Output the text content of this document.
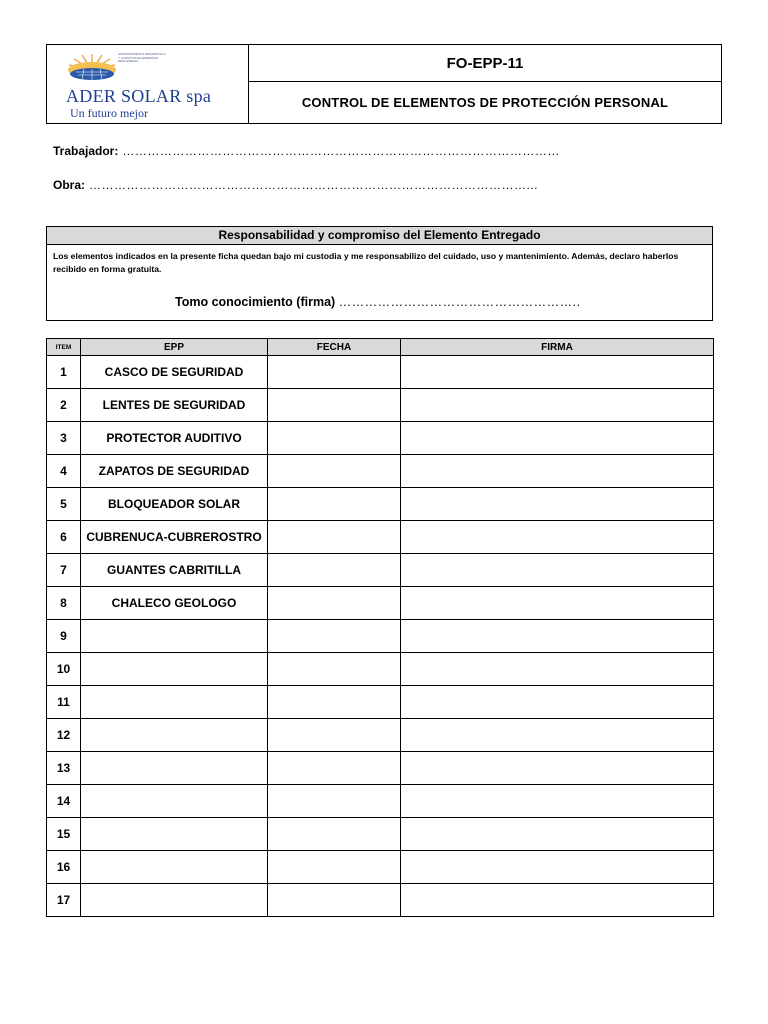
ASESORAMIENTO DESARROLLO Y LOGÍSTICA EN ENERGÍAS RENOVABLES
ADER SOLAR spa
Un futuro mejor
FO-EPP-11
CONTROL DE ELEMENTOS DE PROTECCIÓN PERSONAL
Trabajador: ……………………………………………………………………………………………
Obra: ……………………………………………………………………………………………...
Responsabilidad y compromiso del Elemento Entregado
Los elementos indicados en la presente ficha quedan bajo mi custodia y me responsabilizo del cuidado, uso y mantenimiento. Además, declaro haberlos recibido en forma gratuita.
Tomo conocimiento (firma) ………………………………………………..
ITEM	EPP	FECHA	FIRMA
1	CASCO DE SEGURIDAD		
2	LENTES DE SEGURIDAD		
3	PROTECTOR AUDITIVO		
4	ZAPATOS DE SEGURIDAD		
5	BLOQUEADOR SOLAR		
6	CUBRENUCA-CUBREROSTRO		
7	GUANTES CABRITILLA		
8	CHALECO GEOLOGO		
9			
10			
11			
12			
13			
14			
15			
16			
17			
